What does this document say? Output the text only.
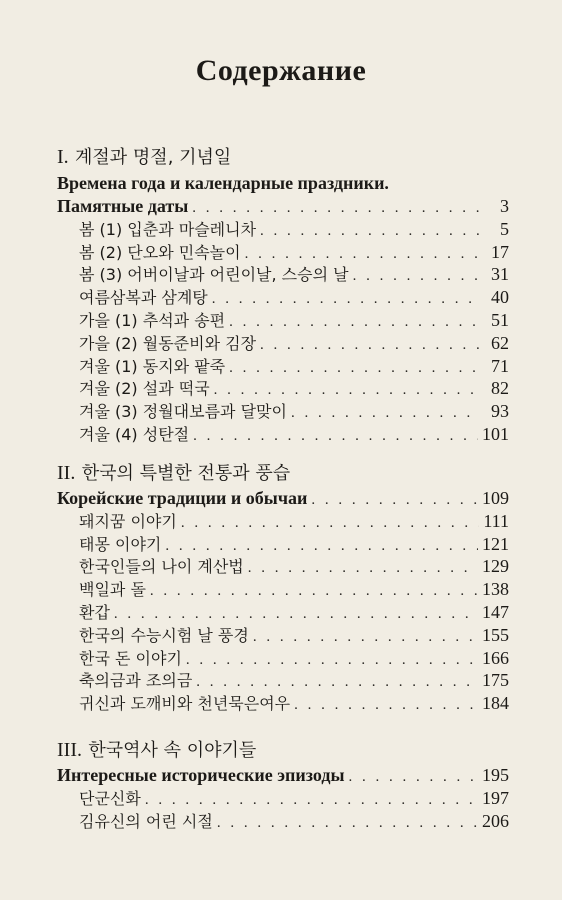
Содержание
I. 계절과 명절, 기념일
Времена года и календарные праздники.
Памятные даты . . .	3
봄 (1) 입춘과 마슬레니차 . . .	5
봄 (2) 단오와 민속놀이 . . .	17
봄 (3) 어버이날과 어린이날, 스승의 날 . . .	31
여름삼복과 삼계탕 . . .	40
가을 (1) 추석과 송편 . . .	51
가을 (2) 월동준비와 김장 . . .	62
겨울 (1) 동지와 팥죽 . . .	71
겨울 (2) 설과 떡국 . . .	82
겨울 (3) 정월대보름과 달맞이 . . .	93
겨울 (4) 성탄절 . . .	101
II. 한국의 특별한 전통과 풍습
Корейские традиции и обычаи . . .	109
돼지꿈 이야기 . . .	111
태몽 이야기 . . .	121
한국인들의 나이 계산법 . . .	129
백일과 돌 . . .	138
환갑 . . .	147
한국의 수능시험 날 풍경 . . .	155
한국 돈 이야기 . . .	166
축의금과 조의금 . . .	175
귀신과 도깨비와 천년묵은여우 . . .	184
III. 한국역사 속 이야기들
Интересные исторические эпизоды . . .	195
단군신화 . . .	197
김유신의 어린 시절 . . .	206
